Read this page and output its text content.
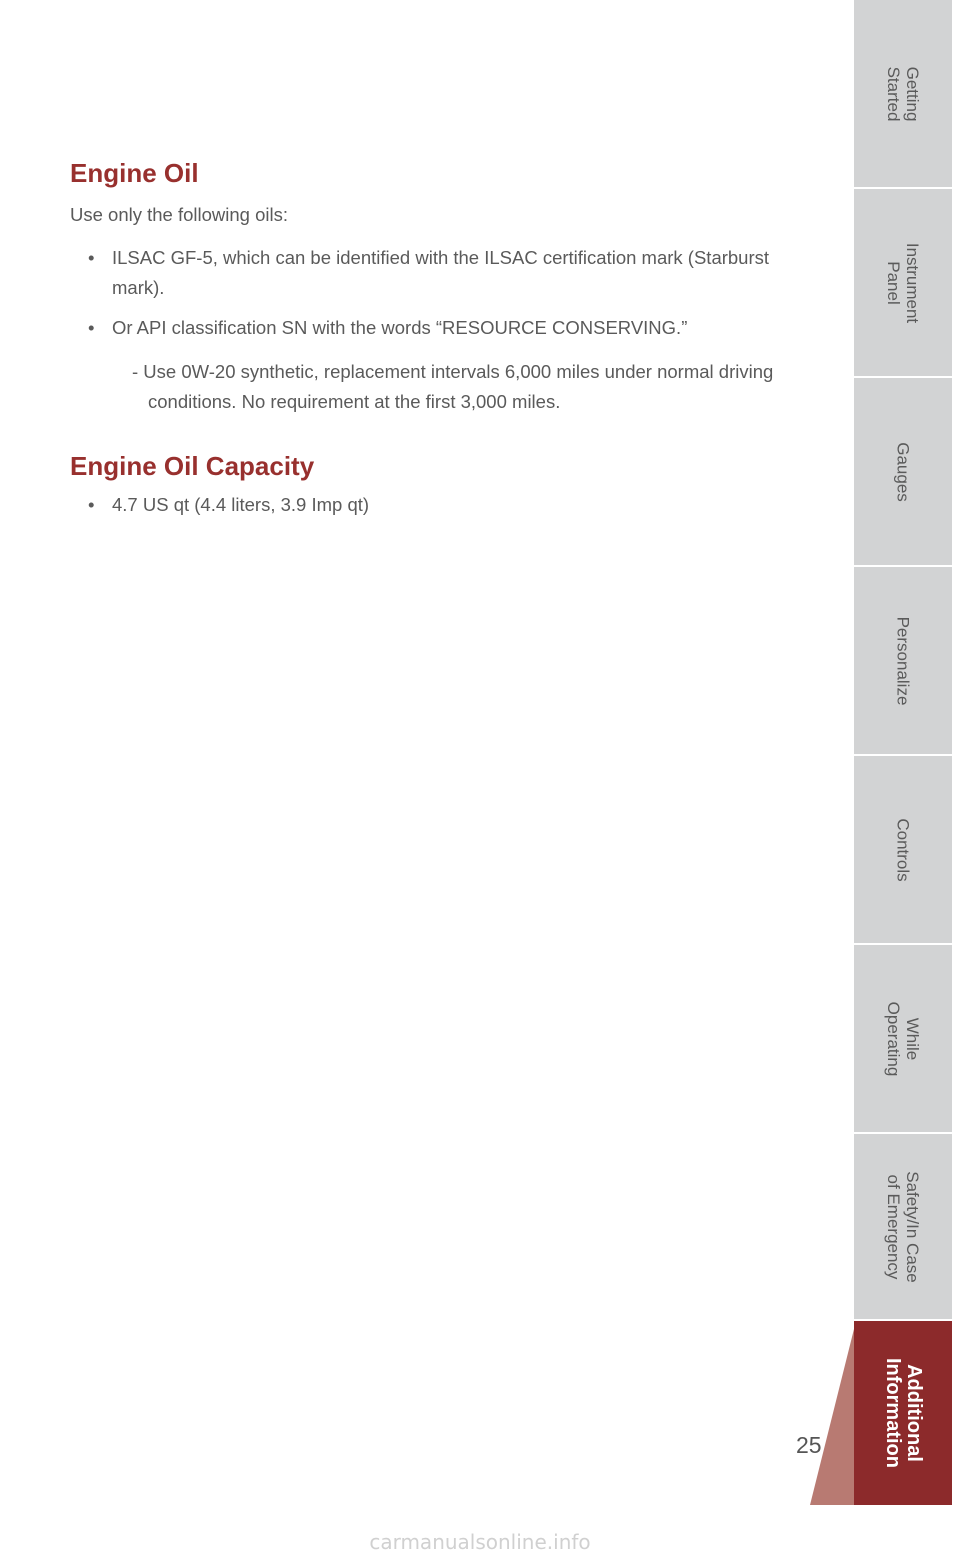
Engine Oil

Use only the following oils:

• ILSAC GF-5, which can be identified with the ILSAC certification mark (Starburst mark).

• Or API classification SN with the words “RESOURCE CONSERVING.”

- Use 0W-20 synthetic, replacement intervals 6,000 miles under normal driving conditions. No requirement at the first 3,000 miles.

Engine Oil Capacity
• 4.7 US qt (4.4 liters, 3.9 Imp qt)

Getting
Started
Instrument
Panel
Gauges
Personalize
Controls
While
Operating
Safety/In Case
of Emergency
Additional
Information
25
carmanualsonline.info
